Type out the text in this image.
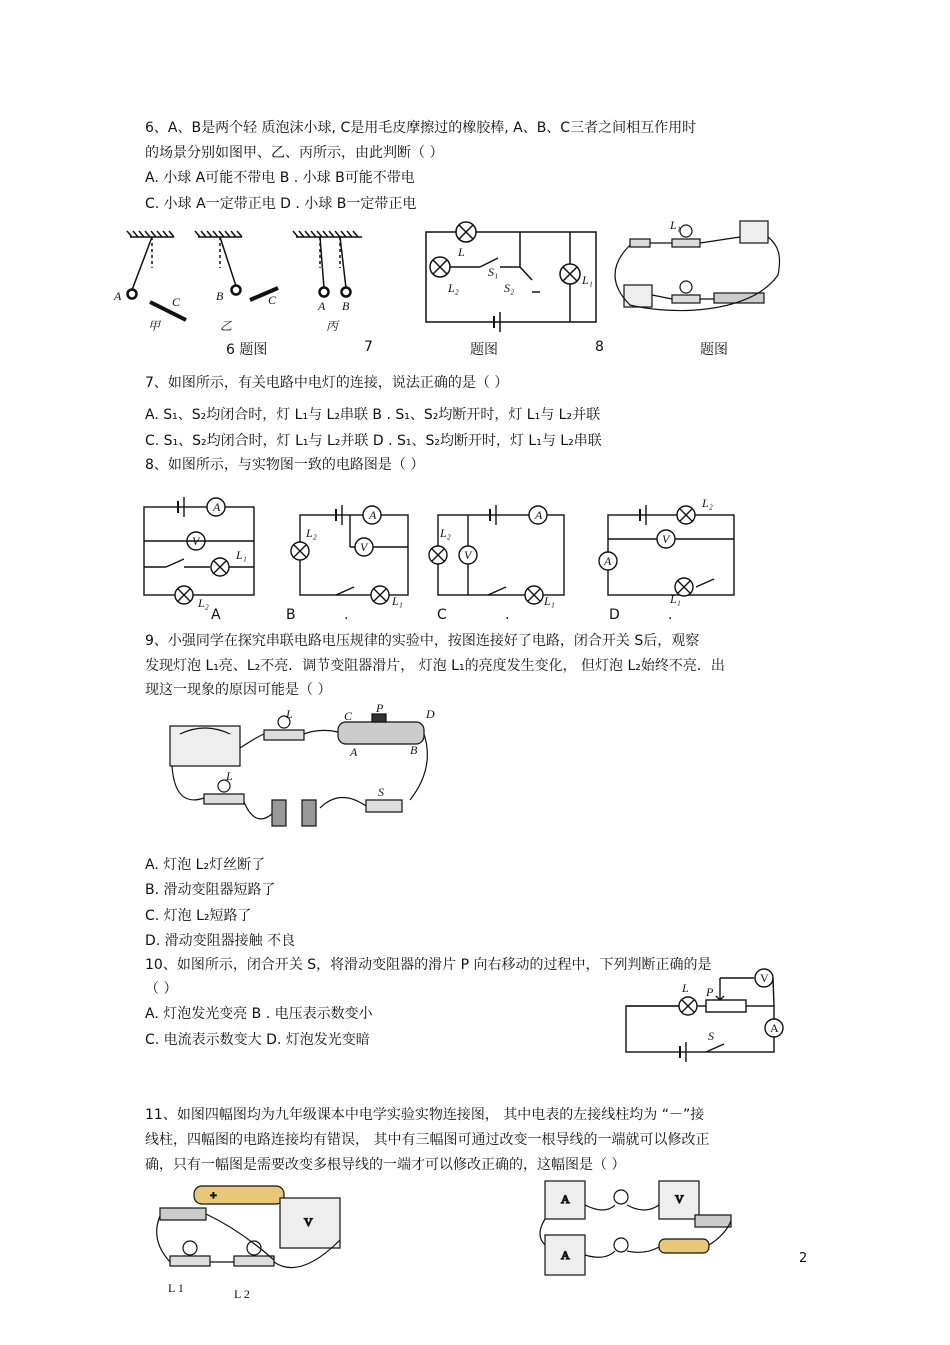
6、A、B是两个轻 质泡沫小球, C是用毛皮摩擦过的橡胶棒, A、B、C三者之间相互作用时
的场景分别如图甲、乙、丙所示，由此判断（ ）
A. 小球 A可能不带电 B . 小球 B可能不带电
C. 小球 A一定带正电 D . 小球 B一定带正电
A	C	B	C	A B
甲	乙	丙
L
S₁
L₂	S₂
L₁
L₁
6 题图	7	题图	8	题图
7、如图所示，有关电路中电灯的连接，说法正确的是（ ）
A. S₁、S₂均闭合时，灯 L₁与 L₂串联 B . S₁、S₂均断开时，灯 L₁与 L₂并联
C. S₁、S₂均闭合时，灯 L₁与 L₂并联 D . S₁、S₂均断开时，灯 L₁与 L₂串联
8、如图所示，与实物图一致的电路图是（ ）
A
V
L₁
L₂
A
V
L₂
L₁
A
V
L₂
L₁
V
A
L₂
L₁
A	B	.	C	.	D	.
9、小强同学在探究串联电路电压规律的实验中，按图连接好了电路，闭合开关 S后，观察
发现灯泡 L₁亮、L₂不亮．调节变阻器滑片， 灯泡 L₁的亮度发生变化， 但灯泡 L₂始终不亮．出
现这一现象的原因可能是（ ）
L	C
P	D
A	B
L
S
A. 灯泡 L₂灯丝断了
B. 滑动变阻器短路了
C. 灯泡 L₂短路了
D. 滑动变阻器接触 不良
10、如图所示，闭合开关 S，将滑动变阻器的滑片 P 向右移动的过程中，下列判断正确的是
（ ）
A. 灯泡发光变亮 B . 电压表示数变小
C. 电流表示数变大 D. 灯泡发光变暗
L P
V
A
S
11、如图四幅图均为九年级课本中电学实验实物连接图， 其中电表的左接线柱均为 “－”接
线柱，四幅图的电路连接均有错误， 其中有三幅图可通过改变一根导线的一端就可以修改正
确，只有一幅图是需要改变多根导线的一端才可以修改正确的，这幅图是（ ）
+
V
L 1	L 2
A	V
A	2
